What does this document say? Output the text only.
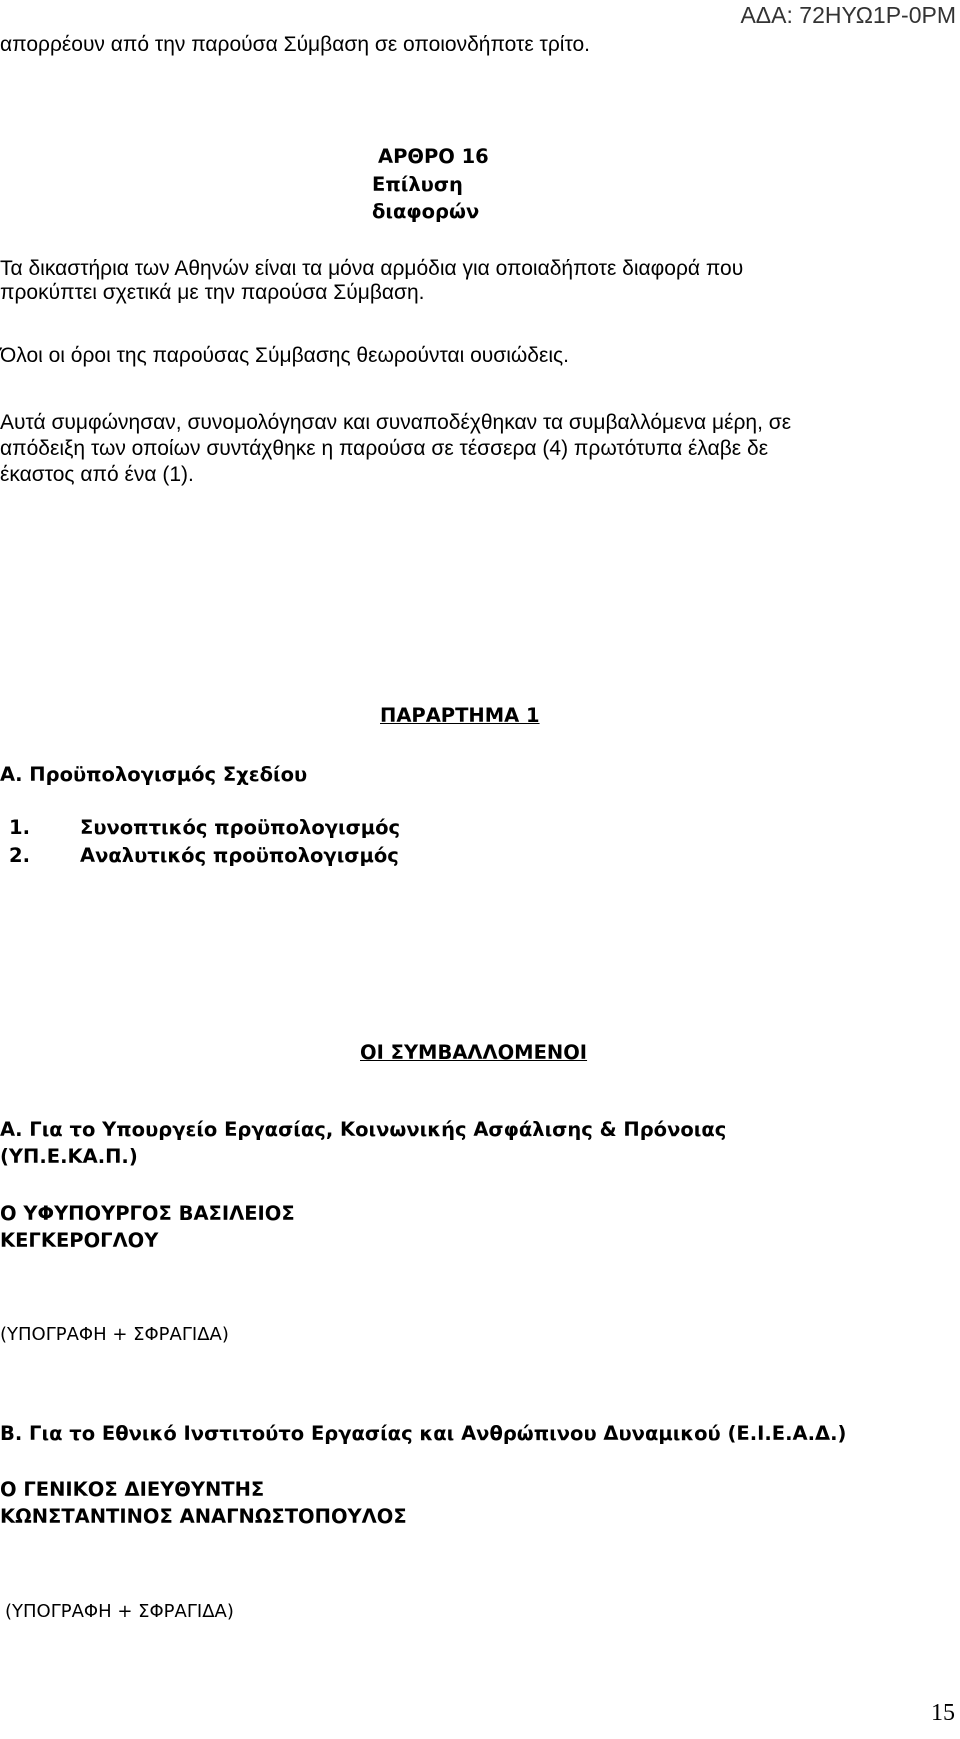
ΑΔΑ: 72ΗΥΩ1Ρ-0ΡΜ
απορρέουν από την παρούσα Σύμβαση σε οποιονδήποτε τρίτο.
ΑΡΘΡΟ 16
Επίλυση
διαφορών
Τα δικαστήρια των Αθηνών είναι τα μόνα αρμόδια για οποιαδήποτε διαφορά που
προκύπτει σχετικά με την παρούσα Σύμβαση.
Όλοι οι όροι της παρούσας Σύμβασης θεωρούνται ουσιώδεις.
Αυτά συμφώνησαν, συνομολόγησαν και συναποδέχθηκαν τα συμβαλλόμενα μέρη, σε
απόδειξη των οποίων συντάχθηκε η παρούσα σε τέσσερα (4) πρωτότυπα έλαβε δε
έκαστος από ένα (1).
ΠΑΡΑΡΤΗΜΑ 1
Α. Προϋπολογισμός Σχεδίου
1.	Συνοπτικός προϋπολογισμός
2.	Αναλυτικός προϋπολογισμός
ΟΙ ΣΥΜΒΑΛΛΟΜΕΝΟΙ
Α. Για το Υπουργείο Εργασίας, Κοινωνικής Ασφάλισης & Πρόνοιας
(ΥΠ.Ε.ΚΑ.Π.)
Ο ΥΦΥΠΟΥΡΓΟΣ ΒΑΣΙΛΕΙΟΣ
ΚΕΓΚΕΡΟΓΛΟΥ
(ΥΠΟΓΡΑΦΗ + ΣΦΡΑΓΙΔΑ)
Β. Για το Εθνικό Ινστιτούτο Εργασίας και Ανθρώπινου Δυναμικού (Ε.Ι.Ε.Α.Δ.)
Ο ΓΕΝΙΚΟΣ ΔΙΕΥΘΥΝΤΗΣ
ΚΩΝΣΤΑΝΤΙΝΟΣ ΑΝΑΓΝΩΣΤΟΠΟΥΛΟΣ
(ΥΠΟΓΡΑΦΗ + ΣΦΡΑΓΙΔΑ)
15
